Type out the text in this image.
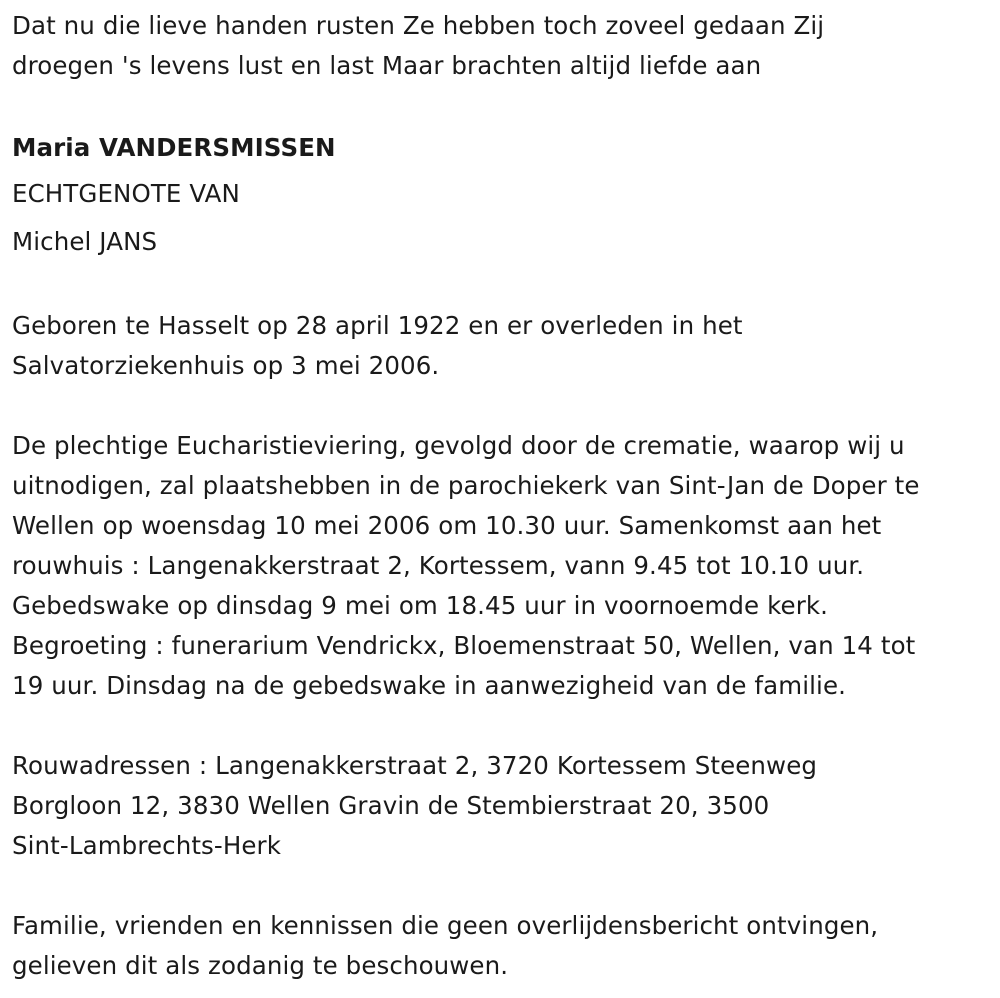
Dat nu die lieve handen rusten Ze hebben toch zoveel gedaan Zij
droegen 's levens lust en last Maar brachten altijd liefde aan
Maria VANDERSMISSEN
ECHTGENOTE VAN
Michel JANS
Geboren te Hasselt op 28 april 1922 en er overleden in het
Salvatorziekenhuis op 3 mei 2006.
De plechtige Eucharistieviering, gevolgd door de crematie, waarop wij u
uitnodigen, zal plaatshebben in de parochiekerk van Sint-Jan de Doper te
Wellen op woensdag 10 mei 2006 om 10.30 uur. Samenkomst aan het
rouwhuis : Langenakkerstraat 2, Kortessem, vann 9.45 tot 10.10 uur.
Gebedswake op dinsdag 9 mei om 18.45 uur in voornoemde kerk.
Begroeting : funerarium Vendrickx, Bloemenstraat 50, Wellen, van 14 tot
19 uur. Dinsdag na de gebedswake in aanwezigheid van de familie.
Rouwadressen : Langenakkerstraat 2, 3720 Kortessem Steenweg
Borgloon 12, 3830 Wellen Gravin de Stembierstraat 20, 3500
Sint-Lambrechts-Herk
Familie, vrienden en kennissen die geen overlijdensbericht ontvingen,
gelieven dit als zodanig te beschouwen.
